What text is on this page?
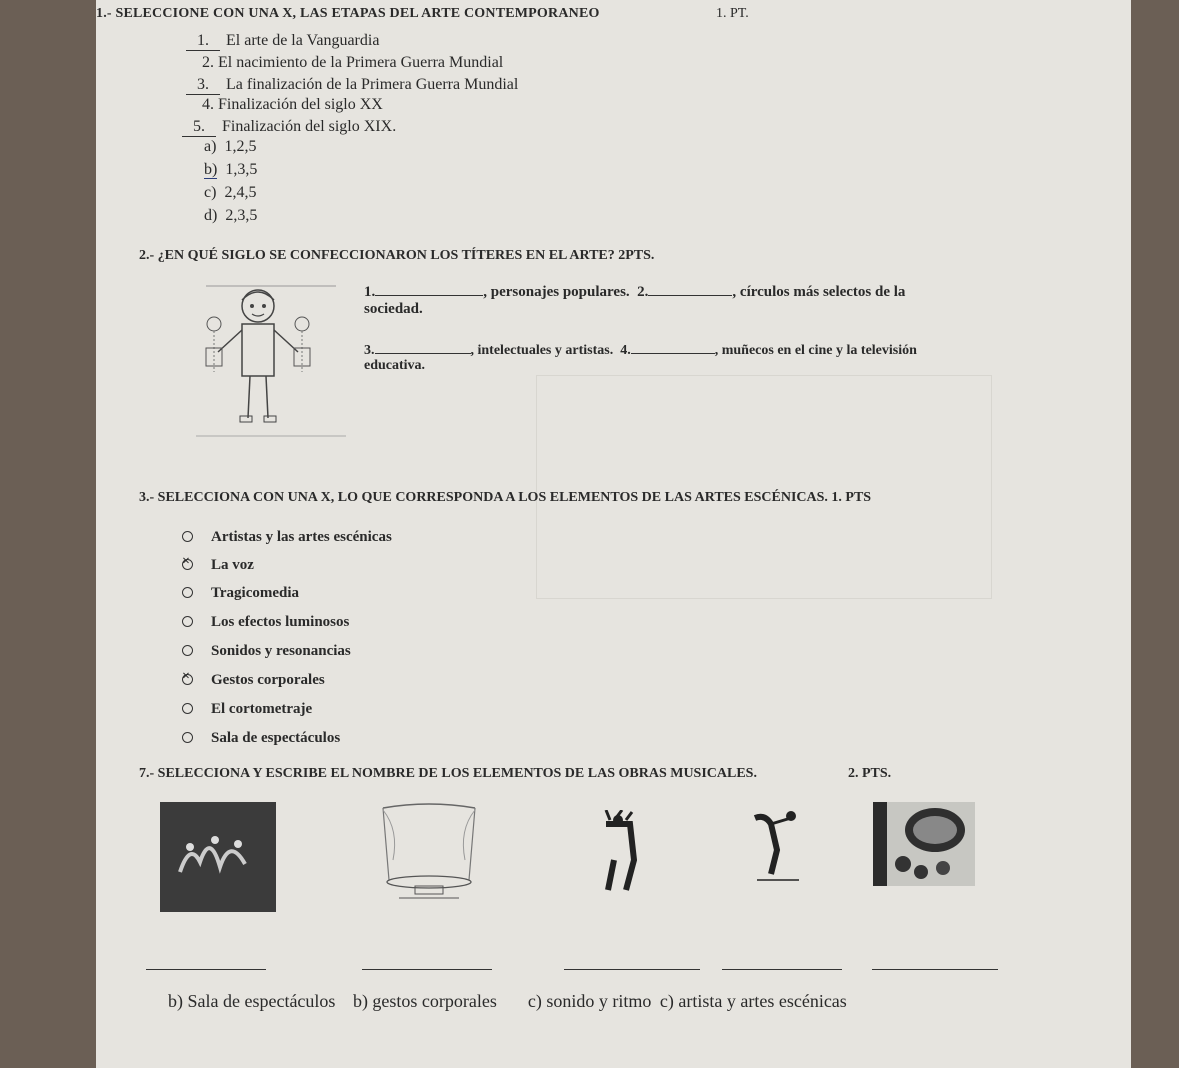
1.- SELECCIONE CON UNA X, LAS ETAPAS DEL ARTE CONTEMPORANEO	1. PT.
1. El arte de la Vanguardia
2. El nacimiento de la Primera Guerra Mundial
3. La finalización de la Primera Guerra Mundial
4. Finalización del siglo XX
5. Finalización del siglo XIX.
a) 1,2,5
b) 1,3,5
c) 2,4,5
d) 2,3,5
2.- ¿EN QUÉ SIGLO SE CONFECCIONARON LOS TÍTERES EN EL ARTE? 2PTS.
1.	, personajes populares. 2.	, círculos más selectos de la
sociedad.
3.	, intelectuales y artistas. 4.	, muñecos en el cine y la televisión
educativa.
3.- SELECCIONA CON UNA X, LO QUE CORRESPONDA A LOS ELEMENTOS DE LAS ARTES ESCÉNICAS. 1. PTS
Artistas y las artes escénicas
×La voz
Tragicomedia
Los efectos luminosos
Sonidos y resonancias
×Gestos corporales
El cortometraje
Sala de espectáculos
7.- SELECCIONA Y ESCRIBE EL NOMBRE DE LOS ELEMENTOS DE LAS OBRAS MUSICALES.	2. PTS.
b) Sala de espectáculos b) gestos corporales c) sonido y ritmo c) artista y artes escénicas
